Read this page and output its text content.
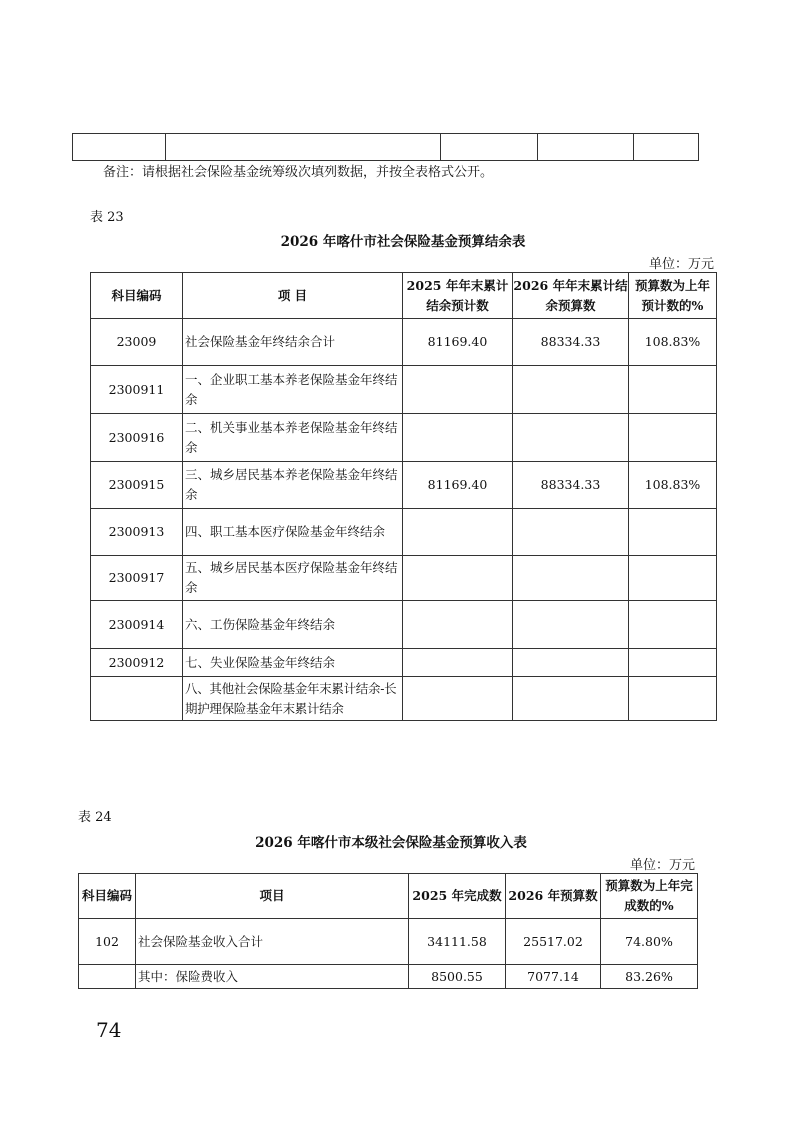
备注：请根据社会保险基金统筹级次填列数据，并按全表格式公开。
表 23
2026 年喀什市社会保险基金预算结余表
单位：万元
科目编码	项 目	2025 年年末累计结余预计数	2026 年年末累计结余预算数	预算数为上年预计数的%
23009	社会保险基金年终结余合计	81169.40	88334.33	108.83%
2300911	一、企业职工基本养老保险基金年终结余			
2300916	二、机关事业基本养老保险基金年终结余			
2300915	三、城乡居民基本养老保险基金年终结余	81169.40	88334.33	108.83%
2300913	四、职工基本医疗保险基金年终结余			
2300917	五、城乡居民基本医疗保险基金年终结余			
2300914	六、工伤保险基金年终结余			
2300912	七、失业保险基金年终结余			
	八、其他社会保险基金年末累计结余-长期护理保险基金年末累计结余			
表 24
2026 年喀什市本级社会保险基金预算收入表
单位：万元
科目编码	项目	2025 年完成数	2026 年预算数	预算数为上年完成数的%
102	社会保险基金收入合计	34111.58	25517.02	74.80%
	其中：保险费收入	8500.55	7077.14	83.26%
74
